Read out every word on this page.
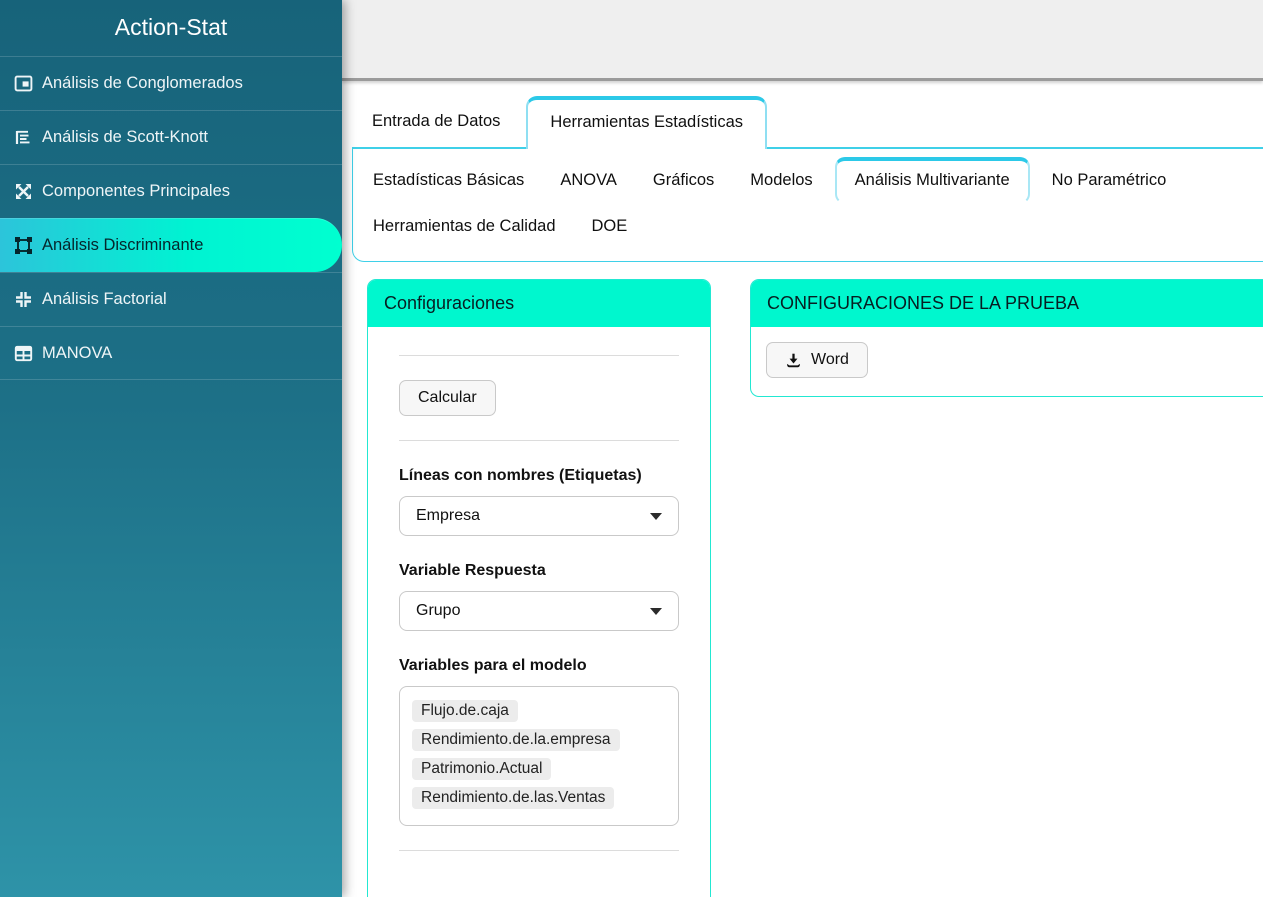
Action-Stat
Análisis de Conglomerados
Análisis de Scott-Knott
Componentes Principales
Análisis Discriminante
Análisis Factorial
MANOVA
Entrada de Datos	Herramientas Estadísticas
Estadísticas Básicas	ANOVA	Gráficos	Modelos	Análisis Multivariante	No Paramétrico
Herramientas de Calidad	DOE
Configuraciones
Calcular
Líneas con nombres (Etiquetas)
Empresa
Variable Respuesta
Grupo
Variables para el modelo
Flujo.de.caja
Rendimiento.de.la.empresa
Patrimonio.Actual
Rendimiento.de.las.Ventas
CONFIGURACIONES DE LA PRUEBA
Word
